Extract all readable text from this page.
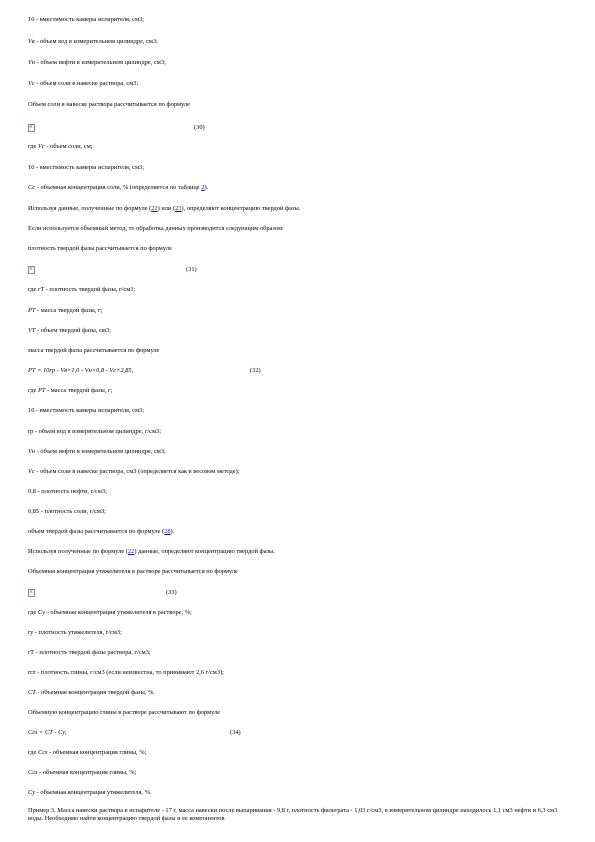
10 - вместимость камеры испарителя, см3;
Vв - объем вод в измерительном цилиндре, см3;
Vн - объем нефти в измерительном цилиндре, см3;
Vс - объем соли в навеске раствора, см3;
Объем соли в навеске раствора рассчитывается по формуле
где Vс - объем соли, см;
10 - вместимость камеры испарителя, см3;
Сс - объемная концентрация соли, % (определяется по таблице 2).
Используя данные, полученные по формуле (22) или (23), определяют концентрацию твердой фазы.
Если используется объемный метод, то обработка данных производится следующим образом:
плотность твердой фазы рассчитывается по формуле
где rТ - плотность твердой фазы, г/см3;
РТ - масса твердой фазы, г;
VТ - объем твердой фазы, см3;
масса твердой фазы рассчитывается по формуле
где РТ - масса твердой фазы, г;
10 - вместимость камеры испарителя, см3;
rр - объем вод в измерительном цилиндре, г/см3;
Vн - объем нефти в измерительном цилиндре, см3;
Vс - объем соли в навеске раствора, см3 (определяется как в весовом методе);
0,8 - плотность нефти, г/см3;
0,85 - плотность соли, г/см3;
объем твердой фазы рассчитывается по формуле (28).
Используя полученные по формуле (22) данные, определяют концентрацию твердой фазы.
Объемная концентрация утяжелителя в растворе рассчитывается по формуле
где Сy - объемная концентрация утяжелителя в растворе, %;
ry - плотность утяжелителя, г/см3;
rТ - плотность твердой фазы раствора, г/см3;
rгл - плотность глины, г/см3 (если неизвестна, то принимают 2,6 г/см3);
СТ - объемная концентрация твердой фазы, %.
Объемную концентрацию глины в растворе рассчитывают по формуле
где Сгл - объемная концентрация глины, %;
Сгл - объемная концентрация глины, %;
Сy - объемная концентрация утяжелителя, %.
×
(30)
×
(31)
×
(33)
РТ = 10rр - Vв×1,0 - Vн×0,8 - Vс×2,85,	(32)
Сгл = СТ - Сy,	(34)
Пример 3. Масса навески раствора в испарителе - 17 г, масса навески после выпаривания - 9,8 г, плотность фильтрата - 1,03 г/см3, в измерительном цилиндре находилось 1,1 см3 нефти и 6,3 см3 воды. Необходимо найти концентрацию твердой фазы и ее компонентов
